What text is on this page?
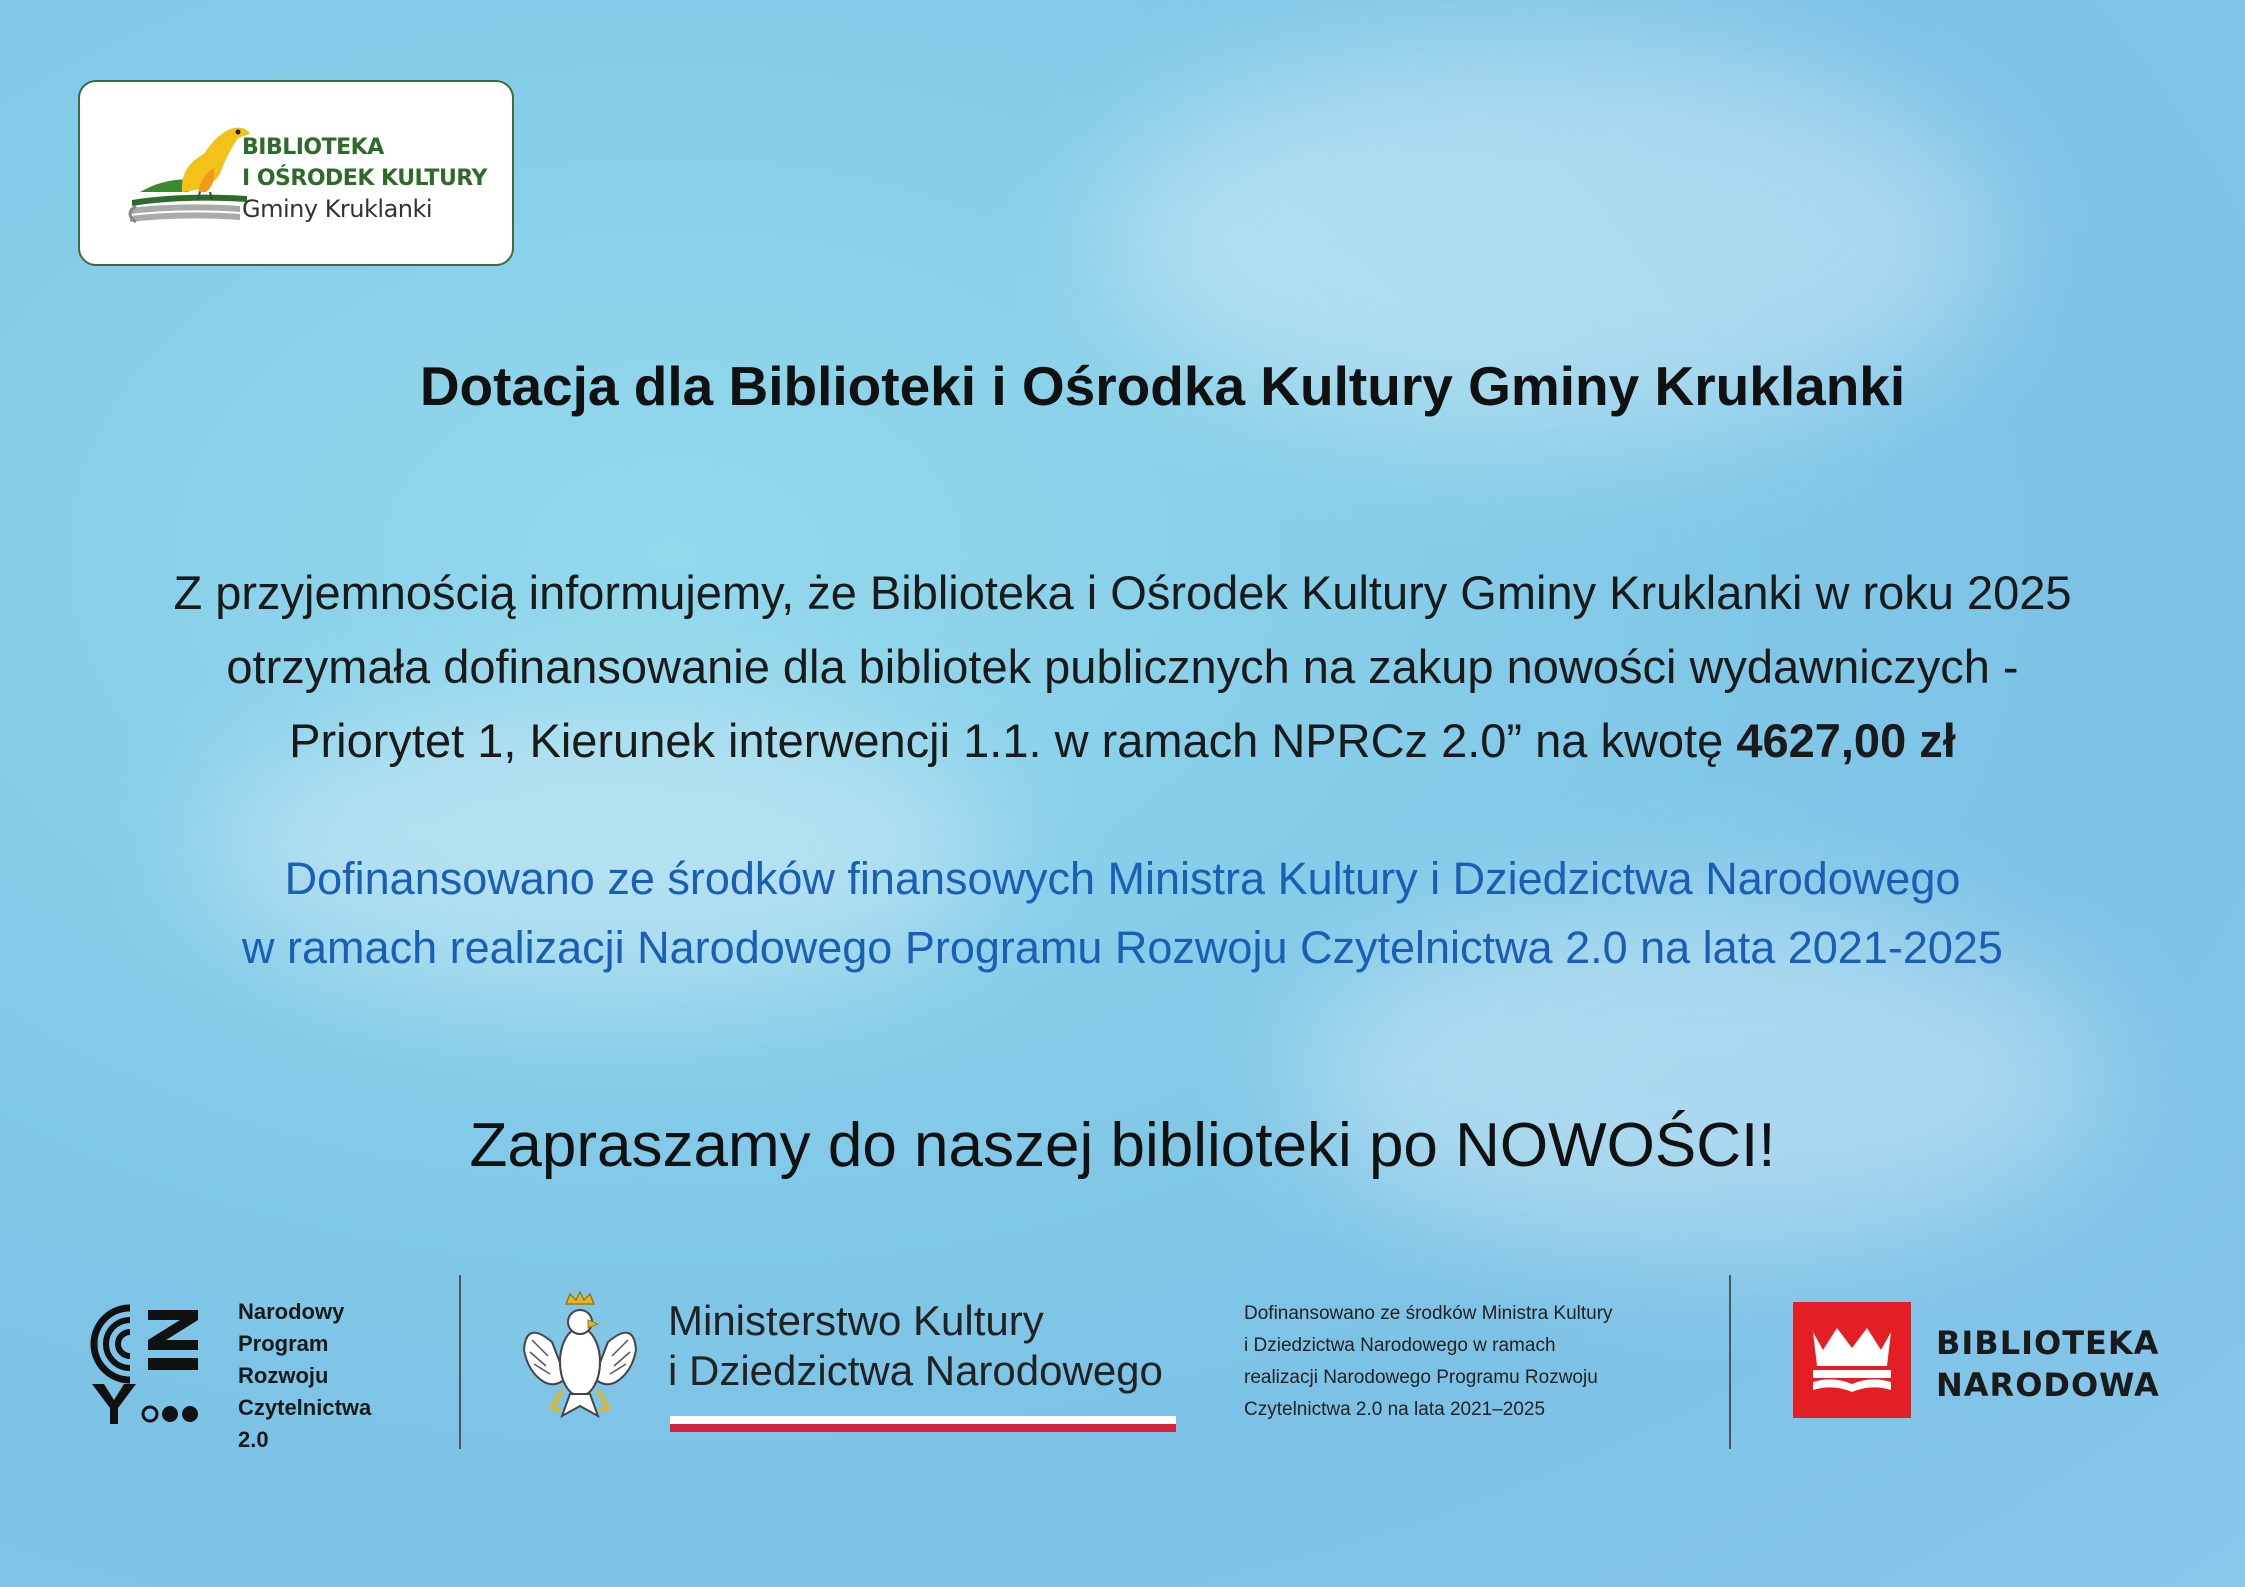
BIBLIOTEKA
I OŚRODEK KULTURY
Gminy Kruklanki
Dotacja dla Biblioteki i Ośrodka Kultury Gminy Kruklanki
Z przyjemnością informujemy, że Biblioteka i Ośrodek Kultury Gminy Kruklanki w roku 2025
otrzymała dofinansowanie dla bibliotek publicznych na zakup nowości wydawniczych -
Priorytet 1, Kierunek interwencji 1.1. w ramach NPRCz 2.0” na kwotę 4627,00 zł
Dofinansowano ze środków finansowych Ministra Kultury i Dziedzictwa Narodowego
w ramach realizacji Narodowego Programu Rozwoju Czytelnictwa 2.0 na lata 2021-2025
Zapraszamy do naszej biblioteki po NOWOŚCI!
Narodowy
Program
Rozwoju
Czytelnictwa
2.0
Ministerstwo Kultury
i Dziedzictwa Narodowego
Dofinansowano ze środków Ministra Kultury
i Dziedzictwa Narodowego w ramach
realizacji Narodowego Programu Rozwoju
Czytelnictwa 2.0 na lata 2021–2025
BIBLIOTEKA
NARODOWA
